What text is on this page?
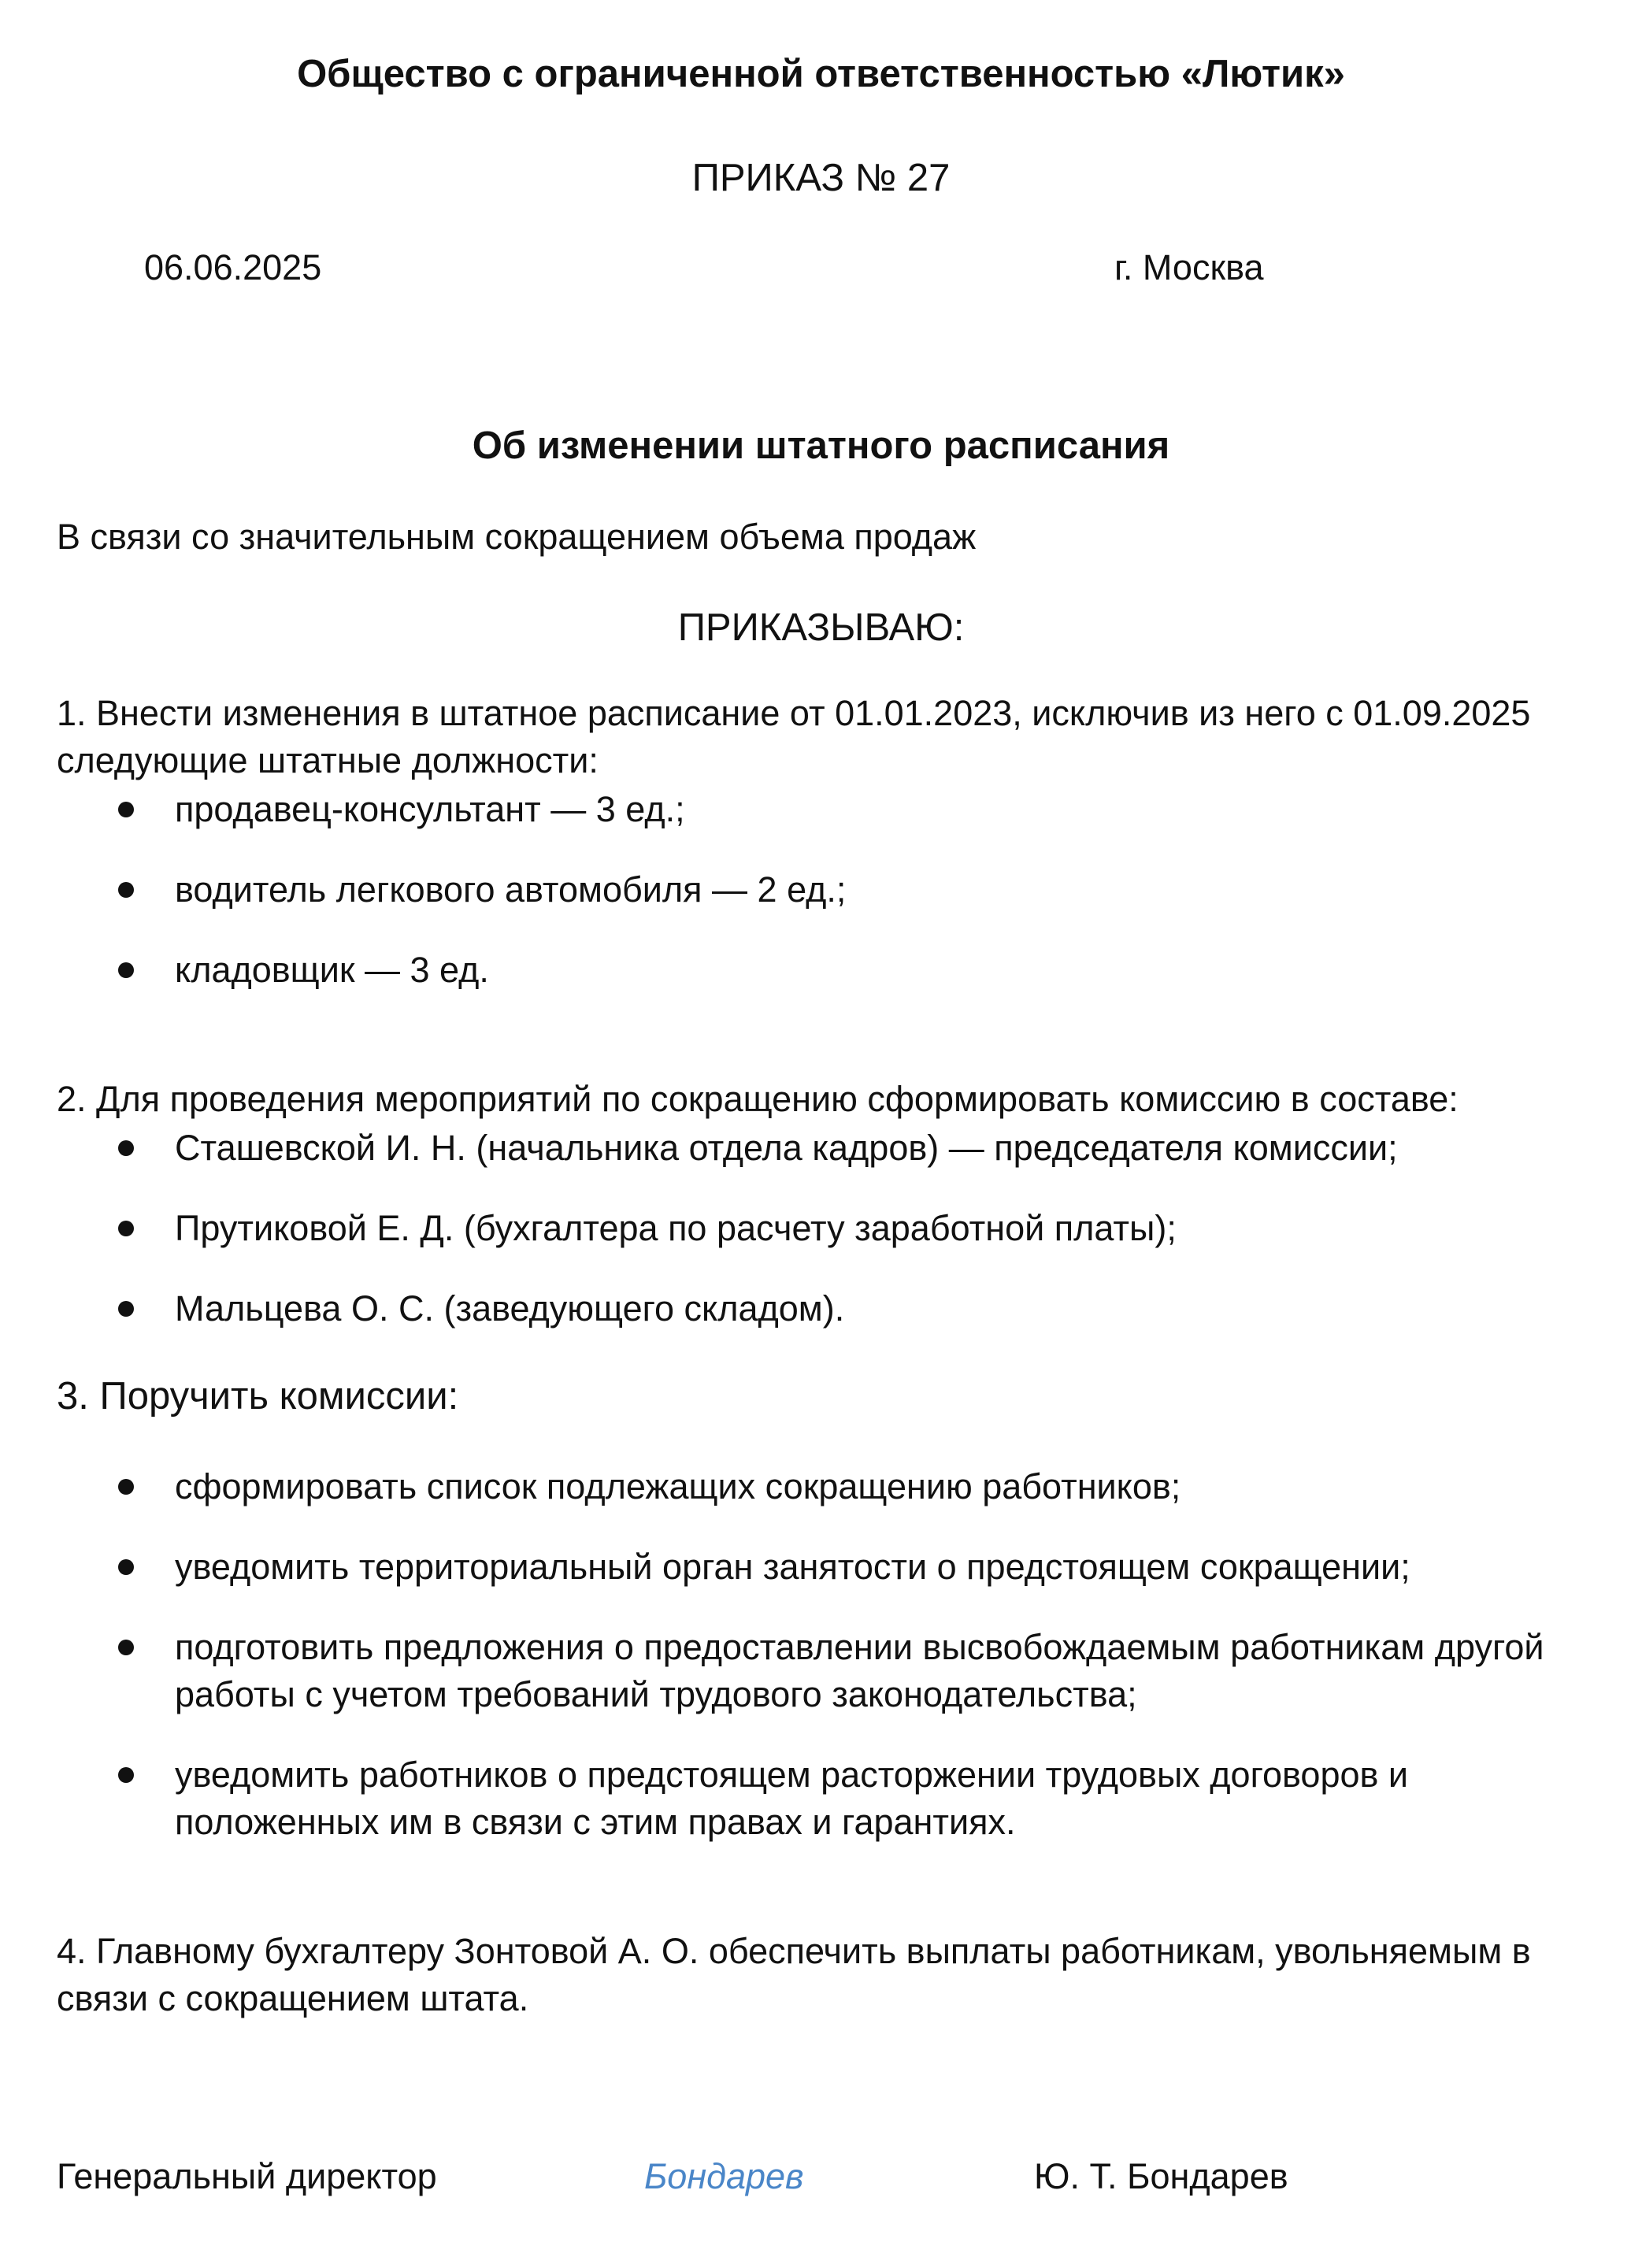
Общество с ограниченной ответственностью «Лютик»
ПРИКАЗ № 27
06.06.2025	г. Москва
Об изменении штатного расписания
В связи со значительным сокращением объема продаж
ПРИКАЗЫВАЮ:
1. Внести изменения в штатное расписание от 01.01.2023, исключив из него с 01.09.2025
следующие штатные должности:
продавец-консультант — 3 ед.;
водитель легкового автомобиля — 2 ед.;
кладовщик — 3 ед.
2. Для проведения мероприятий по сокращению сформировать комиссию в составе:
Сташевской И. Н. (начальника отдела кадров) — председателя комиссии;
Прутиковой Е. Д. (бухгалтера по расчету заработной платы);
Мальцева О. С. (заведующего складом).
3. Поручить комиссии:
сформировать список подлежащих сокращению работников;
уведомить территориальный орган занятости о предстоящем сокращении;
подготовить предложения о предоставлении высвобождаемым работникам другой
работы с учетом требований трудового законодательства;
уведомить работников о предстоящем расторжении трудовых договоров и
положенных им в связи с этим правах и гарантиях.
4. Главному бухгалтеру Зонтовой А. О. обеспечить выплаты работникам, увольняемым в
связи с сокращением штата.
Генеральный директор	Бондарев	Ю. Т. Бондарев
